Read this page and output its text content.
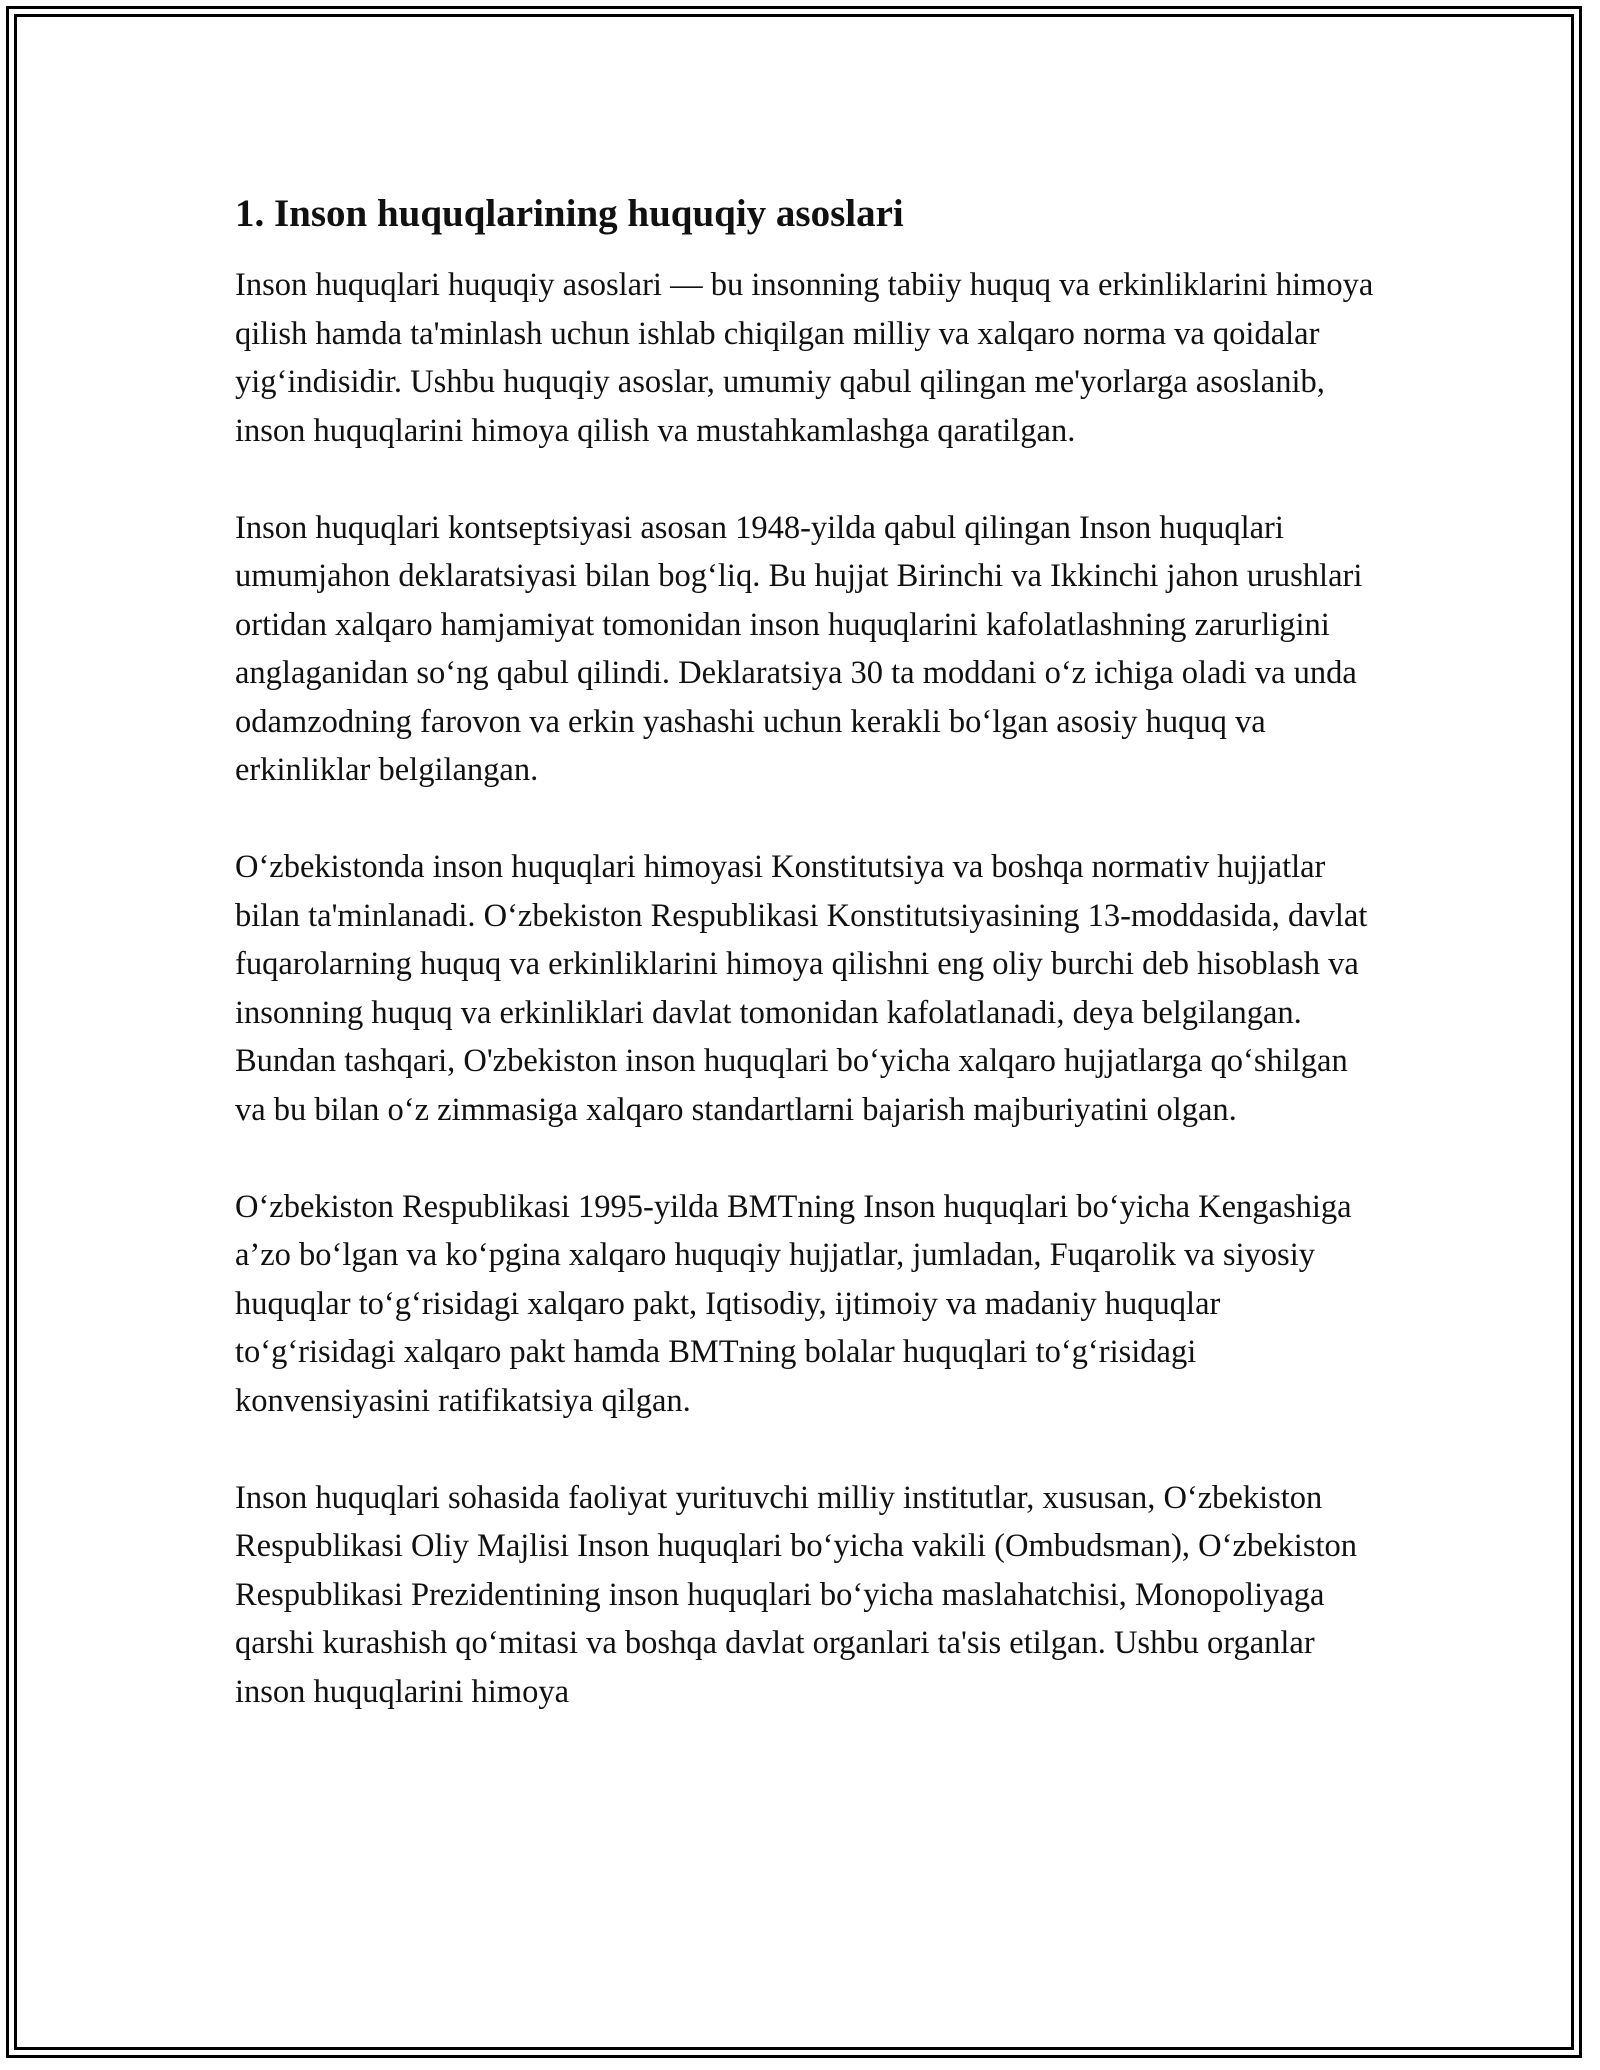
1. Inson huquqlarining huquqiy asoslari

Inson huquqlari huquqiy asoslari — bu insonning tabiiy huquq va erkinliklarini himoya qilish hamda ta'minlash uchun ishlab chiqilgan milliy va xalqaro norma va qoidalar yig‘indisidir. Ushbu huquqiy asoslar, umumiy qabul qilingan me'yorlarga asoslanib, inson huquqlarini himoya qilish va mustahkamlashga qaratilgan.

Inson huquqlari kontseptsiyasi asosan 1948-yilda qabul qilingan Inson huquqlari umumjahon deklaratsiyasi bilan bog‘liq. Bu hujjat Birinchi va Ikkinchi jahon urushlari ortidan xalqaro hamjamiyat tomonidan inson huquqlarini kafolatlashning zarurligini anglaganidan so‘ng qabul qilindi. Deklaratsiya 30 ta moddani o‘z ichiga oladi va unda odamzodning farovon va erkin yashashi uchun kerakli bo‘lgan asosiy huquq va erkinliklar belgilangan.

O‘zbekistonda inson huquqlari himoyasi Konstitutsiya va boshqa normativ hujjatlar bilan ta'minlanadi. O‘zbekiston Respublikasi Konstitutsiyasining 13-moddasida, davlat fuqarolarning huquq va erkinliklarini himoya qilishni eng oliy burchi deb hisoblash va insonning huquq va erkinliklari davlat tomonidan kafolatlanadi, deya belgilangan. Bundan tashqari, O'zbekiston inson huquqlari bo‘yicha xalqaro hujjatlarga qo‘shilgan va bu bilan o‘z zimmasiga xalqaro standartlarni bajarish majburiyatini olgan.

O‘zbekiston Respublikasi 1995-yilda BMTning Inson huquqlari bo‘yicha Kengashiga a’zo bo‘lgan va ko‘pgina xalqaro huquqiy hujjatlar, jumladan, Fuqarolik va siyosiy huquqlar to‘g‘risidagi xalqaro pakt, Iqtisodiy, ijtimoiy va madaniy huquqlar to‘g‘risidagi xalqaro pakt hamda BMTning bolalar huquqlari to‘g‘risidagi konvensiyasini ratifikatsiya qilgan.

Inson huquqlari sohasida faoliyat yurituvchi milliy institutlar, xususan, O‘zbekiston Respublikasi Oliy Majlisi Inson huquqlari bo‘yicha vakili (Ombudsman), O‘zbekiston Respublikasi Prezidentining inson huquqlari bo‘yicha maslahatchisi, Monopoliyaga qarshi kurashish qo‘mitasi va boshqa davlat organlari ta'sis etilgan. Ushbu organlar inson huquqlarini himoya
